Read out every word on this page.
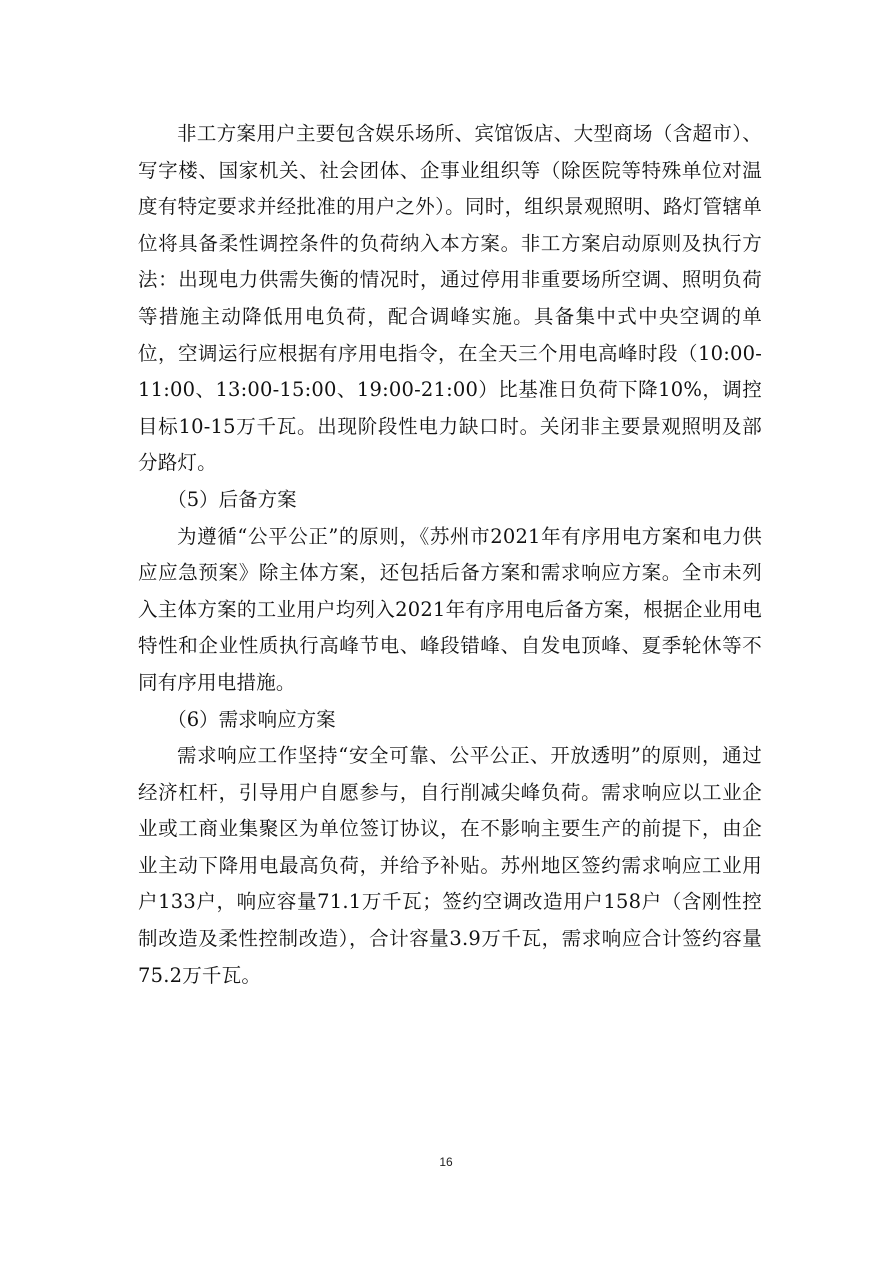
非工方案用户主要包含娱乐场所、宾馆饭店、大型商场（含超市）、写字楼、国家机关、社会团体、企事业组织等（除医院等特殊单位对温度有特定要求并经批准的用户之外）。同时，组织景观照明、路灯管辖单位将具备柔性调控条件的负荷纳入本方案。非工方案启动原则及执行方法：出现电力供需失衡的情况时，通过停用非重要场所空调、照明负荷等措施主动降低用电负荷，配合调峰实施。具备集中式中央空调的单位，空调运行应根据有序用电指令，在全天三个用电高峰时段（10:00-11:00、13:00-15:00、19:00-21:00）比基准日负荷下降10%，调控目标10-15万千瓦。出现阶段性电力缺口时。关闭非主要景观照明及部分路灯。

（5）后备方案

为遵循“公平公正”的原则，《苏州市2021年有序用电方案和电力供应应急预案》除主体方案，还包括后备方案和需求响应方案。全市未列入主体方案的工业用户均列入2021年有序用电后备方案，根据企业用电特性和企业性质执行高峰节电、峰段错峰、自发电顶峰、夏季轮休等不同有序用电措施。

（6）需求响应方案

需求响应工作坚持“安全可靠、公平公正、开放透明”的原则，通过经济杠杆，引导用户自愿参与，自行削减尖峰负荷。需求响应以工业企业或工商业集聚区为单位签订协议，在不影响主要生产的前提下，由企业主动下降用电最高负荷，并给予补贴。苏州地区签约需求响应工业用户133户，响应容量71.1万千瓦；签约空调改造用户158户（含刚性控制改造及柔性控制改造），合计容量3.9万千瓦，需求响应合计签约容量75.2万千瓦。

16
